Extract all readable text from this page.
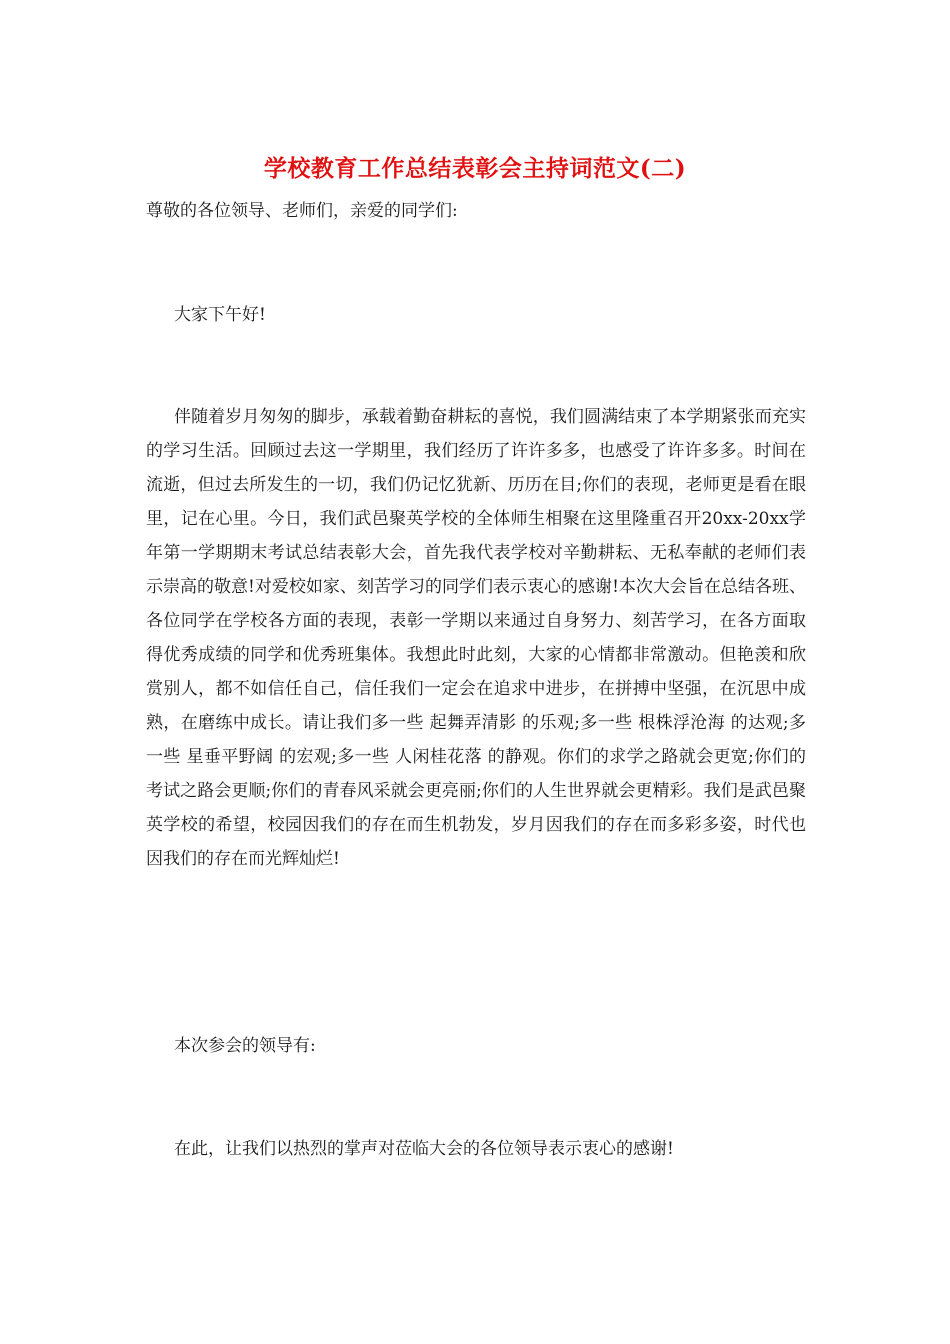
学校教育工作总结表彰会主持词范文(二)
尊敬的各位领导、老师们，亲爱的同学们:
大家下午好!
伴随着岁月匆匆的脚步，承载着勤奋耕耘的喜悦，我们圆满结束了本学期紧张而充实的学习生活。回顾过去这一学期里，我们经历了许许多多，也感受了许许多多。时间在流逝，但过去所发生的一切，我们仍记忆犹新、历历在目;你们的表现，老师更是看在眼里，记在心里。今日，我们武邑聚英学校的全体师生相聚在这里隆重召开20xx-20xx学年第一学期期末考试总结表彰大会，首先我代表学校对辛勤耕耘、无私奉献的老师们表示崇高的敬意!对爱校如家、刻苦学习的同学们表示衷心的感谢!本次大会旨在总结各班、各位同学在学校各方面的表现，表彰一学期以来通过自身努力、刻苦学习，在各方面取得优秀成绩的同学和优秀班集体。我想此时此刻，大家的心情都非常激动。但艳羡和欣赏别人，都不如信任自己，信任我们一定会在追求中进步，在拼搏中坚强，在沉思中成熟，在磨练中成长。请让我们多一些 起舞弄清影 的乐观;多一些 根株浮沧海 的达观;多一些 星垂平野阔 的宏观;多一些 人闲桂花落 的静观。你们的求学之路就会更宽;你们的考试之路会更顺;你们的青春风采就会更亮丽;你们的人生世界就会更精彩。我们是武邑聚英学校的希望，校园因我们的存在而生机勃发，岁月因我们的存在而多彩多姿，时代也因我们的存在而光辉灿烂!
本次参会的领导有:
在此，让我们以热烈的掌声对莅临大会的各位领导表示衷心的感谢!
